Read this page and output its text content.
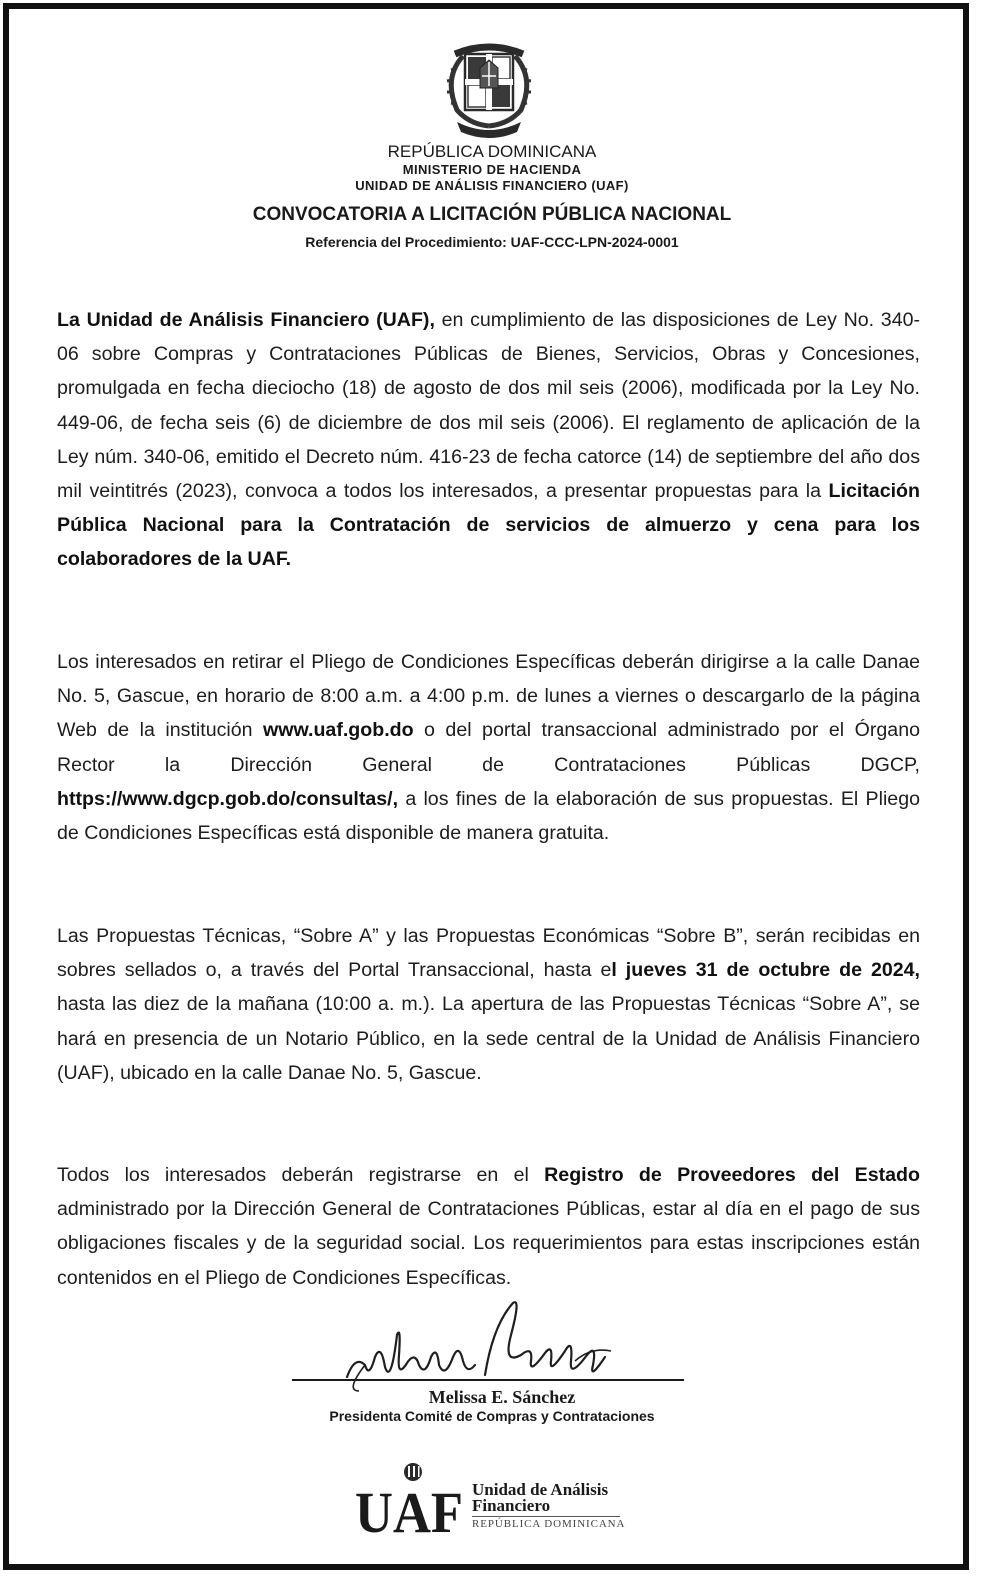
REPÚBLICA DOMINICANA
MINISTERIO DE HACIENDA
UNIDAD DE ANÁLISIS FINANCIERO (UAF)
CONVOCATORIA A LICITACIÓN PÚBLICA NACIONAL
Referencia del Procedimiento: UAF-CCC-LPN-2024-0001

La Unidad de Análisis Financiero (UAF), en cumplimiento de las disposiciones de Ley No. 340-06 sobre Compras y Contrataciones Públicas de Bienes, Servicios, Obras y Concesiones, promulgada en fecha dieciocho (18) de agosto de dos mil seis (2006), modificada por la Ley No. 449-06, de fecha seis (6) de diciembre de dos mil seis (2006). El reglamento de aplicación de la Ley núm. 340-06, emitido el Decreto núm. 416-23 de fecha catorce (14) de septiembre del año dos mil veintitrés (2023), convoca a todos los interesados, a presentar propuestas para la Licitación Pública Nacional para la Contratación de servicios de almuerzo y cena para los colaboradores de la UAF.

Los interesados en retirar el Pliego de Condiciones Específicas deberán dirigirse a la calle Danae No. 5, Gascue, en horario de 8:00 a.m. a 4:00 p.m. de lunes a viernes o descargarlo de la página Web de la institución www.uaf.gob.do o del portal transaccional administrado por el Órgano Rector la Dirección General de Contrataciones Públicas DGCP, https://www.dgcp.gob.do/consultas/, a los fines de la elaboración de sus propuestas. El Pliego de Condiciones Específicas está disponible de manera gratuita.

Las Propuestas Técnicas, “Sobre A” y las Propuestas Económicas “Sobre B”, serán recibidas en sobres sellados o, a través del Portal Transaccional, hasta el jueves 31 de octubre de 2024, hasta las diez de la mañana (10:00 a. m.). La apertura de las Propuestas Técnicas “Sobre A”, se hará en presencia de un Notario Público, en la sede central de la Unidad de Análisis Financiero (UAF), ubicado en la calle Danae No. 5, Gascue.

Todos los interesados deberán registrarse en el Registro de Proveedores del Estado administrado por la Dirección General de Contrataciones Públicas, estar al día en el pago de sus obligaciones fiscales y de la seguridad social. Los requerimientos para estas inscripciones están contenidos en el Pliego de Condiciones Específicas.

Melissa E. Sánchez
Presidenta Comité de Compras y Contrataciones
UAF Unidad de Análisis
Financiero
REPÚBLICA DOMINICANA
